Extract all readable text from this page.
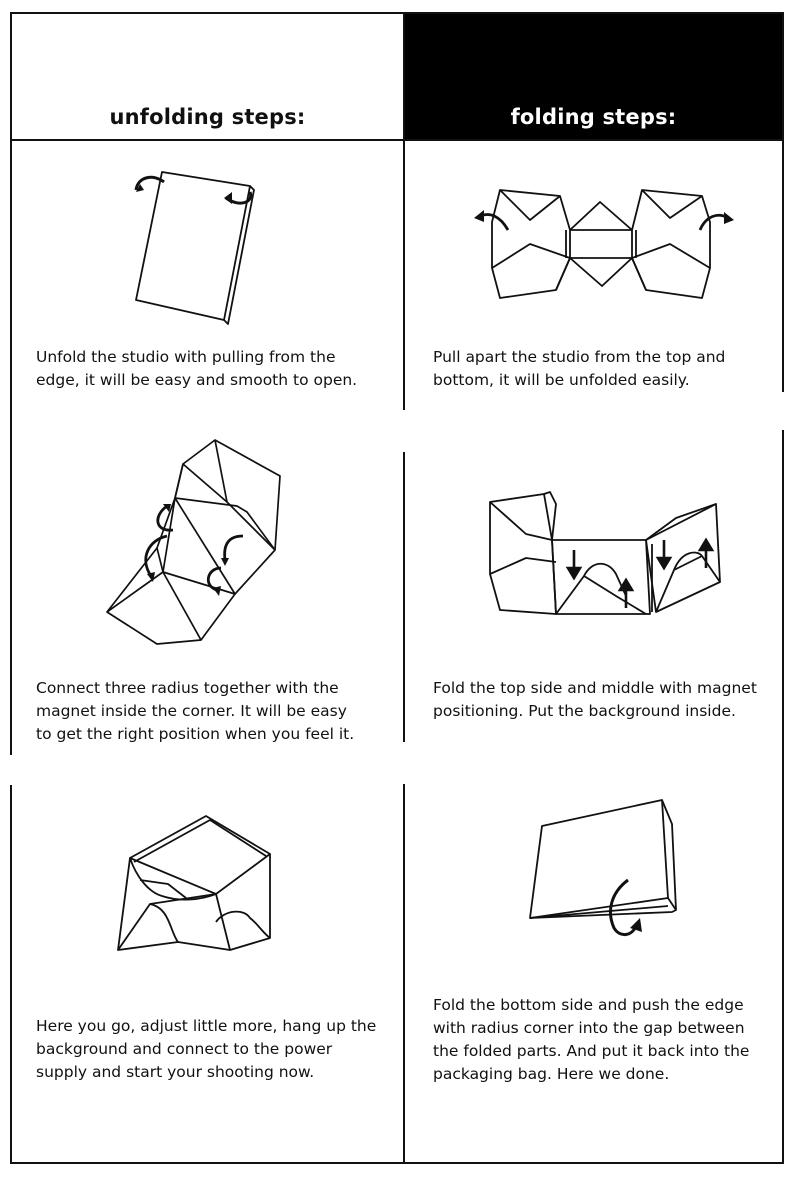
unfolding steps:	folding steps:
Unfold the studio with pulling from the
edge, it will be easy and smooth to open.
Connect three radius together with the
magnet inside the corner. It will be easy
to get the right position when you feel it.
Here you go, adjust little more, hang up the
background and connect to the power
supply and start your shooting now.
Pull apart the studio from the top and
bottom, it will be unfolded easily.
Fold the top side and middle with magnet
positioning. Put the background inside.
Fold the bottom side and push the edge
with radius corner into the gap between
the folded parts. And put it back into the
packaging bag. Here we done.
